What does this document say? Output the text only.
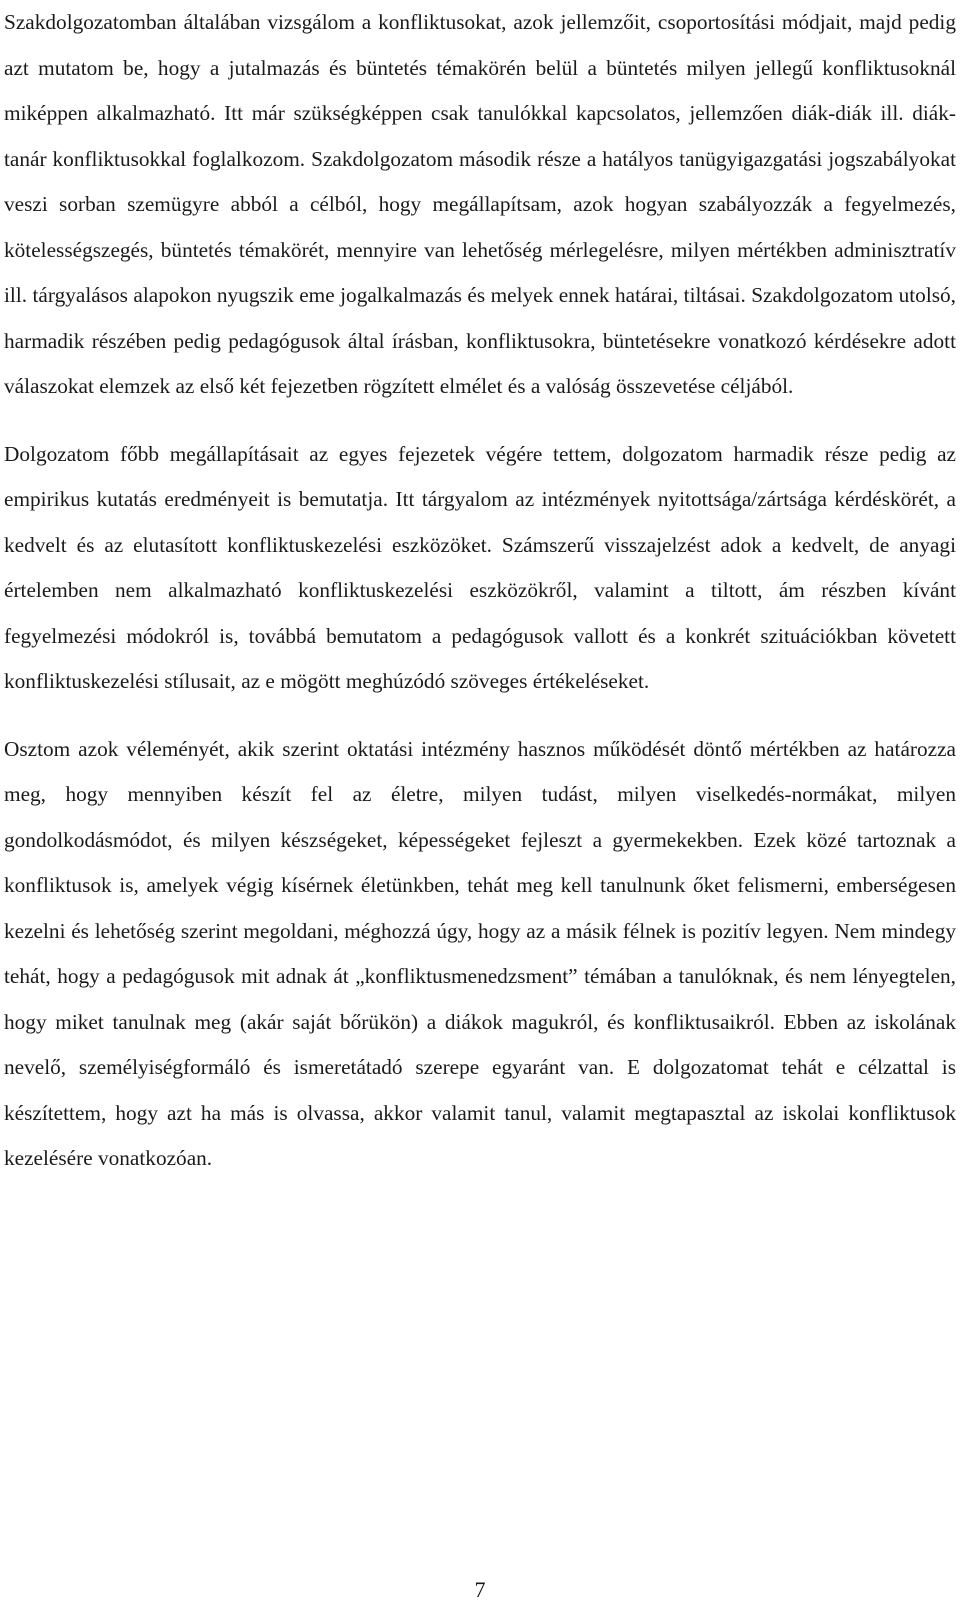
Szakdolgozatomban általában vizsgálom a konfliktusokat, azok jellemzőit, csoportosítási módjait, majd pedig azt mutatom be, hogy a jutalmazás és büntetés témakörén belül a büntetés milyen jellegű konfliktusoknál miképpen alkalmazható. Itt már szükségképpen csak tanulókkal kapcsolatos, jellemzően diák-diák ill. diák-tanár konfliktusokkal foglalkozom. Szakdolgozatom második része a hatályos tanügyigazgatási jogszabályokat veszi sorban szemügyre abból a célból, hogy megállapítsam, azok hogyan szabályozzák a fegyelmezés, kötelességszegés, büntetés témakörét, mennyire van lehetőség mérlegelésre, milyen mértékben adminisztratív ill. tárgyalásos alapokon nyugszik eme jogalkalmazás és melyek ennek határai, tiltásai. Szakdolgozatom utolsó, harmadik részében pedig pedagógusok által írásban, konfliktusokra, büntetésekre vonatkozó kérdésekre adott válaszokat elemzek az első két fejezetben rögzített elmélet és a valóság összevetése céljából.

Dolgozatom főbb megállapításait az egyes fejezetek végére tettem, dolgozatom harmadik része pedig az empirikus kutatás eredményeit is bemutatja. Itt tárgyalom az intézmények nyitottsága/zártsága kérdéskörét, a kedvelt és az elutasított konfliktuskezelési eszközöket. Számszerű visszajelzést adok a kedvelt, de anyagi értelemben nem alkalmazható konfliktuskezelési eszközökről, valamint a tiltott, ám részben kívánt fegyelmezési módokról is, továbbá bemutatom a pedagógusok vallott és a konkrét szituációkban követett konfliktuskezelési stílusait, az e mögött meghúzódó szöveges értékeléseket.

Osztom azok véleményét, akik szerint oktatási intézmény hasznos működését döntő mértékben az határozza meg, hogy mennyiben készít fel az életre, milyen tudást, milyen viselkedés-normákat, milyen gondolkodásmódot, és milyen készségeket, képességeket fejleszt a gyermekekben. Ezek közé tartoznak a konfliktusok is, amelyek végig kísérnek életünkben, tehát meg kell tanulnunk őket felismerni, emberségesen kezelni és lehetőség szerint megoldani, méghozzá úgy, hogy az a másik félnek is pozitív legyen. Nem mindegy tehát, hogy a pedagógusok mit adnak át „konfliktusmenedzsment” témában a tanulóknak, és nem lényegtelen, hogy miket tanulnak meg (akár saját bőrükön) a diákok magukról, és konfliktusaikról. Ebben az iskolának nevelő, személyiségformáló és ismeretátadó szerepe egyaránt van. E dolgozatomat tehát e célzattal is készítettem, hogy azt ha más is olvassa, akkor valamit tanul, valamit megtapasztal az iskolai konfliktusok kezelésére vonatkozóan.

7
